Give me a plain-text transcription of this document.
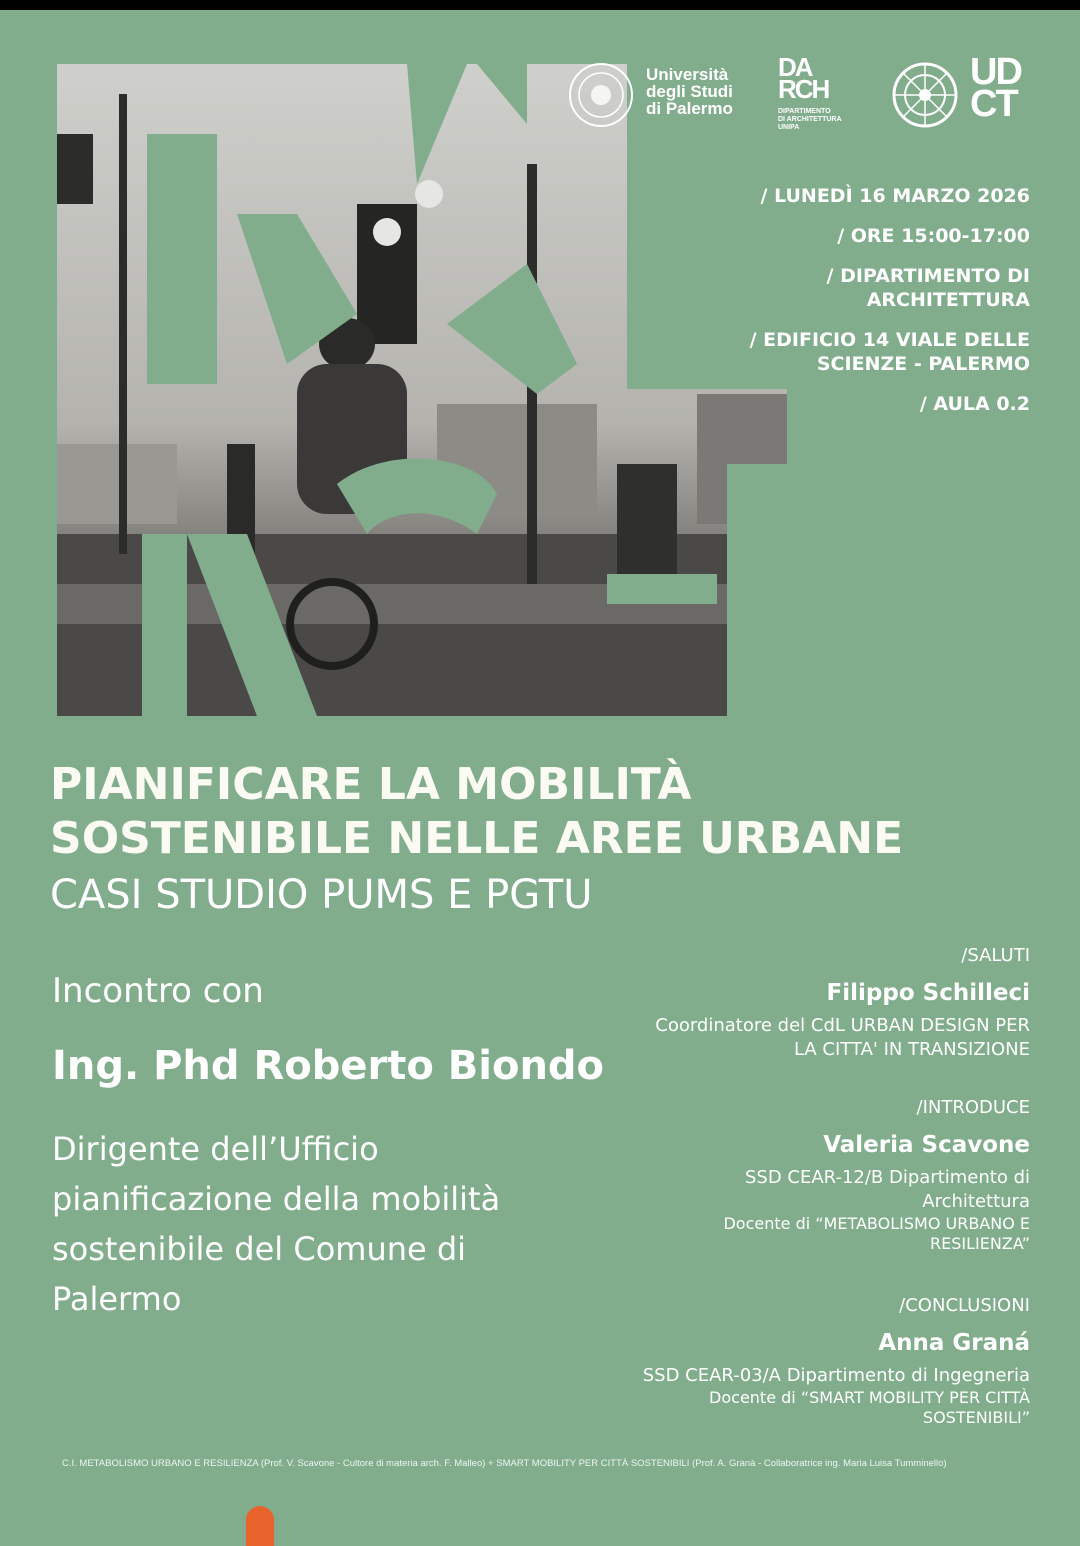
Università
degli Studi
di Palermo
DA
RCH
DIPARTIMENTO
DI ARCHITETTURA
UNIPA
UD
CT
/ LUNEDÌ 16 MARZO 2026
/ ORE 15:00-17:00
/ DIPARTIMENTO DI
ARCHITETTURA
/ EDIFICIO 14 VIALE DELLE
SCIENZE - PALERMO
/ AULA 0.2
PIANIFICARE LA MOBILITÀ
SOSTENIBILE NELLE AREE URBANE
CASI STUDIO PUMS E PGTU
Incontro con
Ing. Phd Roberto Biondo
Dirigente dell’Ufficio
pianificazione della mobilità
sostenibile del Comune di
Palermo
/SALUTI
Filippo Schilleci
Coordinatore del CdL URBAN DESIGN PER
LA CITTA' IN TRANSIZIONE
/INTRODUCE
Valeria Scavone
SSD CEAR-12/B Dipartimento di
Architettura
Docente di “METABOLISMO URBANO E
RESILIENZA”
/CONCLUSIONI
Anna Graná
SSD CEAR-03/A Dipartimento di Ingegneria
Docente di “SMART MOBILITY PER CITTÀ
SOSTENIBILI”
C.I. METABOLISMO URBANO E RESILIENZA (Prof. V. Scavone - Cultore di materia arch. F. Malleo) + SMART MOBILITY PER CITTÀ SOSTENIBILI (Prof. A. Granà - Collaboratrice ing. Maria Luisa Tumminello)
